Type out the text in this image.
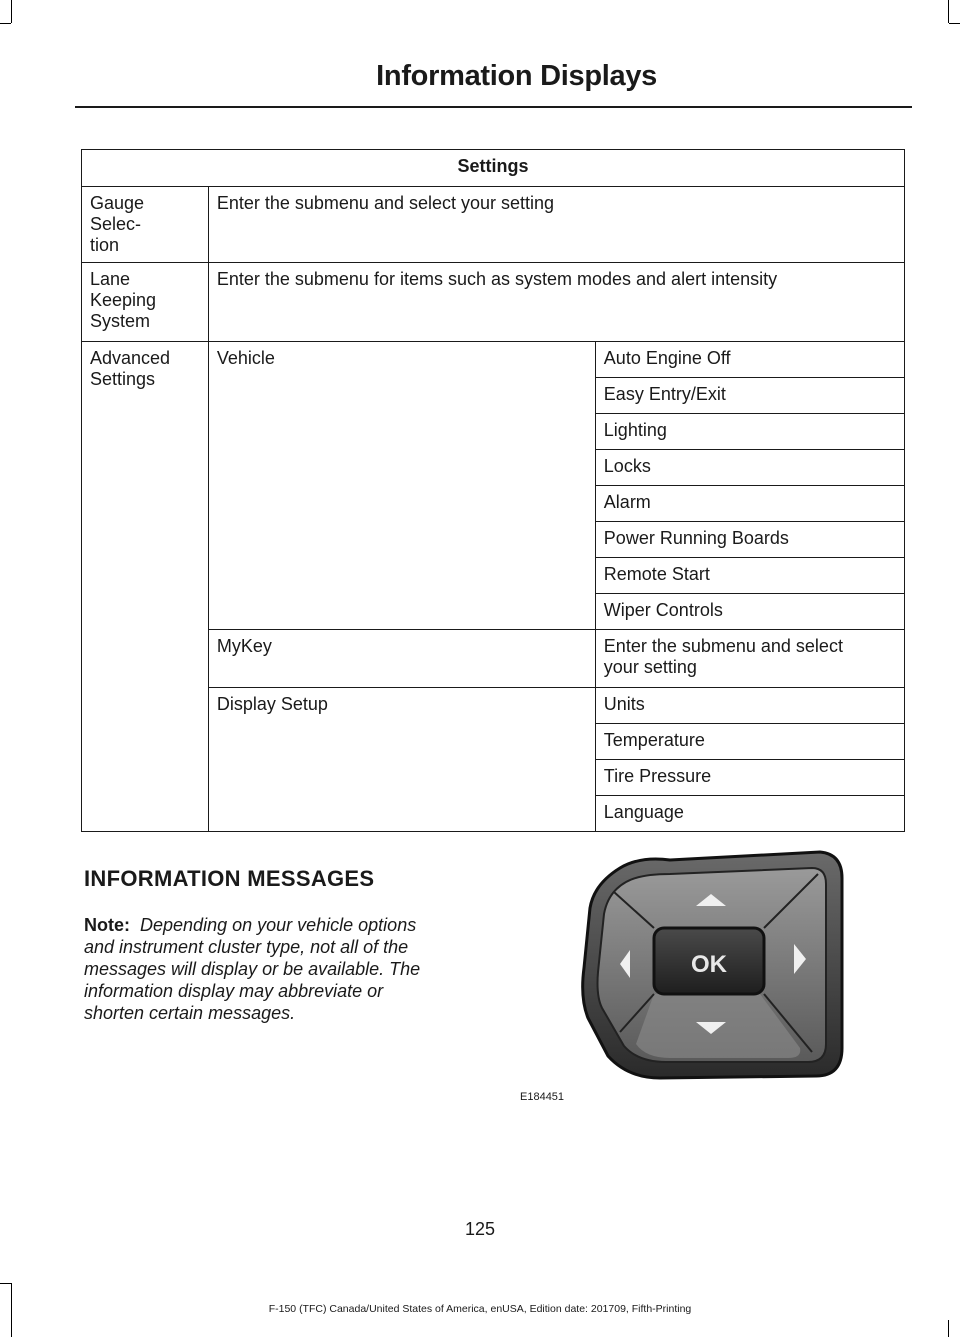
Information Displays
Settings		
Gauge Selec-
tion	Enter the submenu and select your setting	
Lane
Keeping
System	Enter the submenu for items such as system modes and alert intensity	
Advanced
Settings	Vehicle	Auto Engine Off
		Easy Entry/Exit
		Lighting
		Locks
		Alarm
		Power Running Boards
		Remote Start
		Wiper Controls
	MyKey	Enter the submenu and select
your setting
	Display Setup	Units
		Temperature
		Tire Pressure
		Language
INFORMATION MESSAGES
Note: Depending on your vehicle options
and instrument cluster type, not all of the
messages will display or be available. The
information display may abbreviate or
shorten certain messages.
OK
E184451
125
F-150 (TFC) Canada/United States of America, enUSA, Edition date: 201709, Fifth-Printing
